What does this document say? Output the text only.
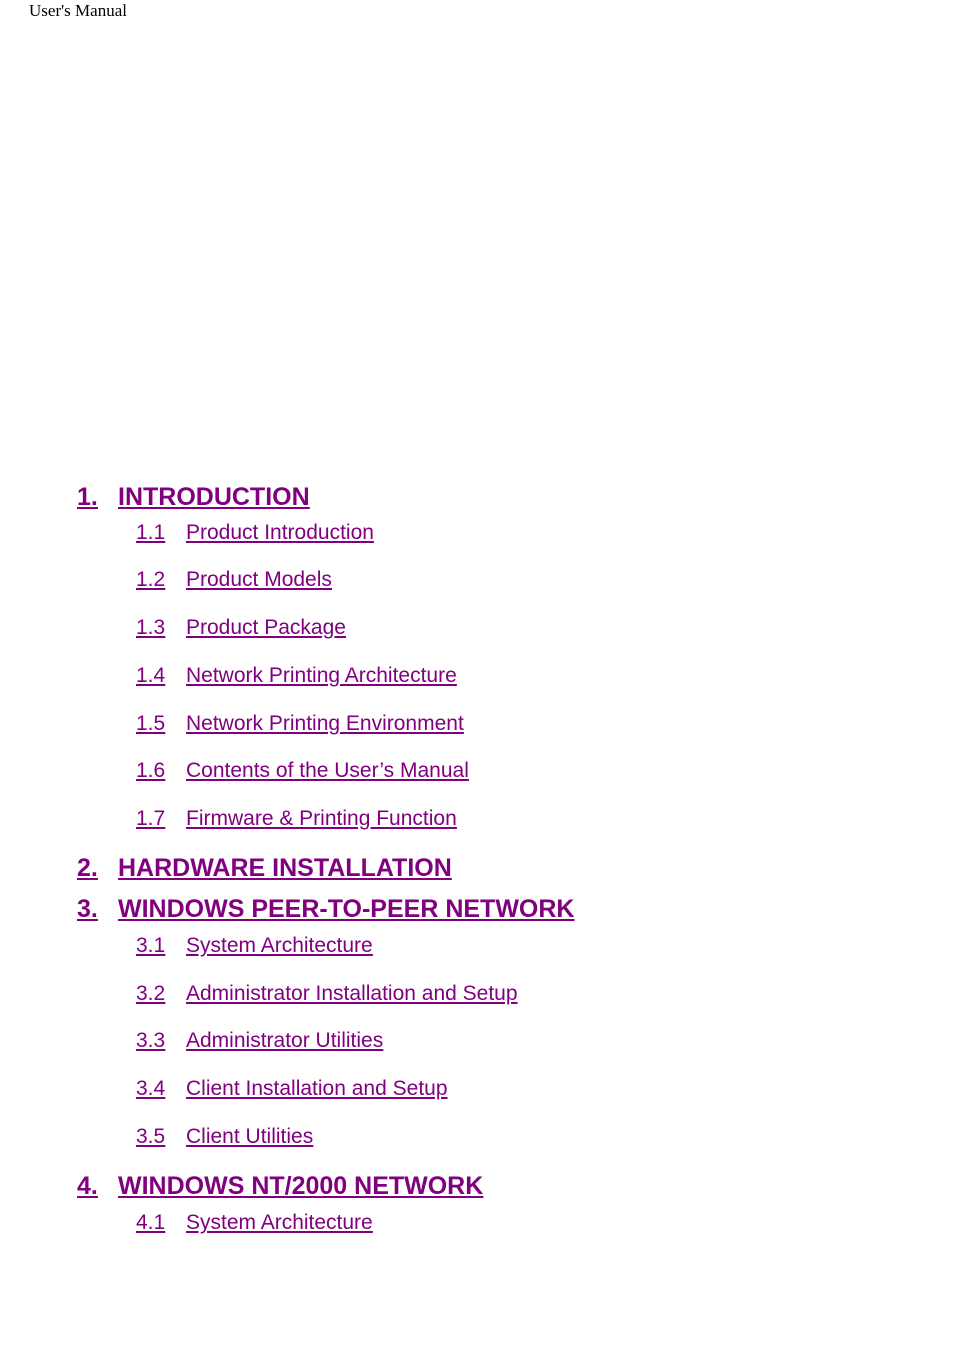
User's Manual
1. INTRODUCTION
1.1 Product Introduction
1.2 Product Models
1.3 Product Package
1.4 Network Printing Architecture
1.5 Network Printing Environment
1.6 Contents of the User’s Manual
1.7 Firmware & Printing Function
2. HARDWARE INSTALLATION
3. WINDOWS PEER-TO-PEER NETWORK
3.1 System Architecture
3.2 Administrator Installation and Setup
3.3 Administrator Utilities
3.4 Client Installation and Setup
3.5 Client Utilities
4. WINDOWS NT/2000 NETWORK
4.1 System Architecture
